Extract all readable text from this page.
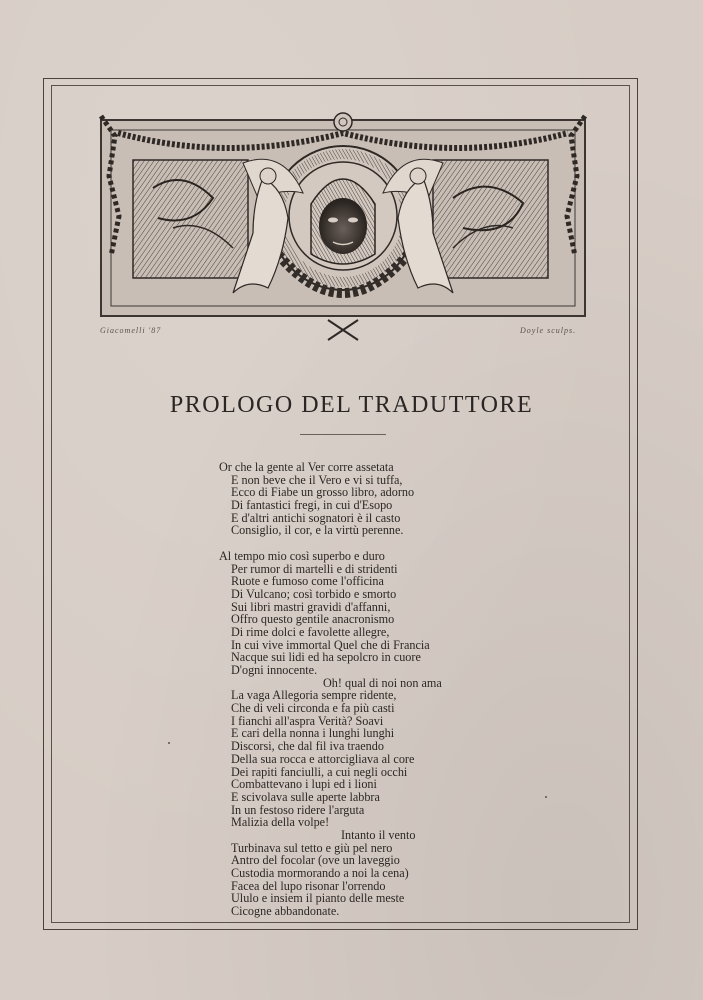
Giacomelli '87	Doyle sculps.
PROLOGO DEL TRADUTTORE
Or che la gente al Ver corre assetata
E non beve che il Vero e vi si tuffa,
Ecco di Fiabe un grosso libro, adorno
Di fantastici fregi, in cui d'Esopo
E d'altri antichi sognatori è il casto
Consiglio, il cor, e la virtù perenne.
Al tempo mio così superbo e duro
Per rumor di martelli e di stridenti
Ruote e fumoso come l'officina
Di Vulcano; così torbido e smorto
Sui libri mastri gravidi d'affanni,
Offro questo gentile anacronismo
Di rime dolci e favolette allegre,
In cui vive immortal Quel che di Francia
Nacque sui lidi ed ha sepolcro in cuore
D'ogni innocente.
Oh! qual di noi non ama
La vaga Allegoria sempre ridente,
Che di veli circonda e fa più casti
I fianchi all'aspra Verità? Soavi
E cari della nonna i lunghi lunghi
Discorsi, che dal fil iva traendo
Della sua rocca e attorcigliava al core
Dei rapiti fanciulli, a cui negli occhi
Combattevano i lupi ed i lioni
E scivolava sulle aperte labbra
In un festoso ridere l'arguta
Malizia della volpe!
Intanto il vento
Turbinava sul tetto e giù pel nero
Antro del focolar (ove un laveggio
Custodia mormorando a noi la cena)
Facea del lupo risonar l'orrendo
Ululo e insiem il pianto delle meste
Cicogne abbandonate.
